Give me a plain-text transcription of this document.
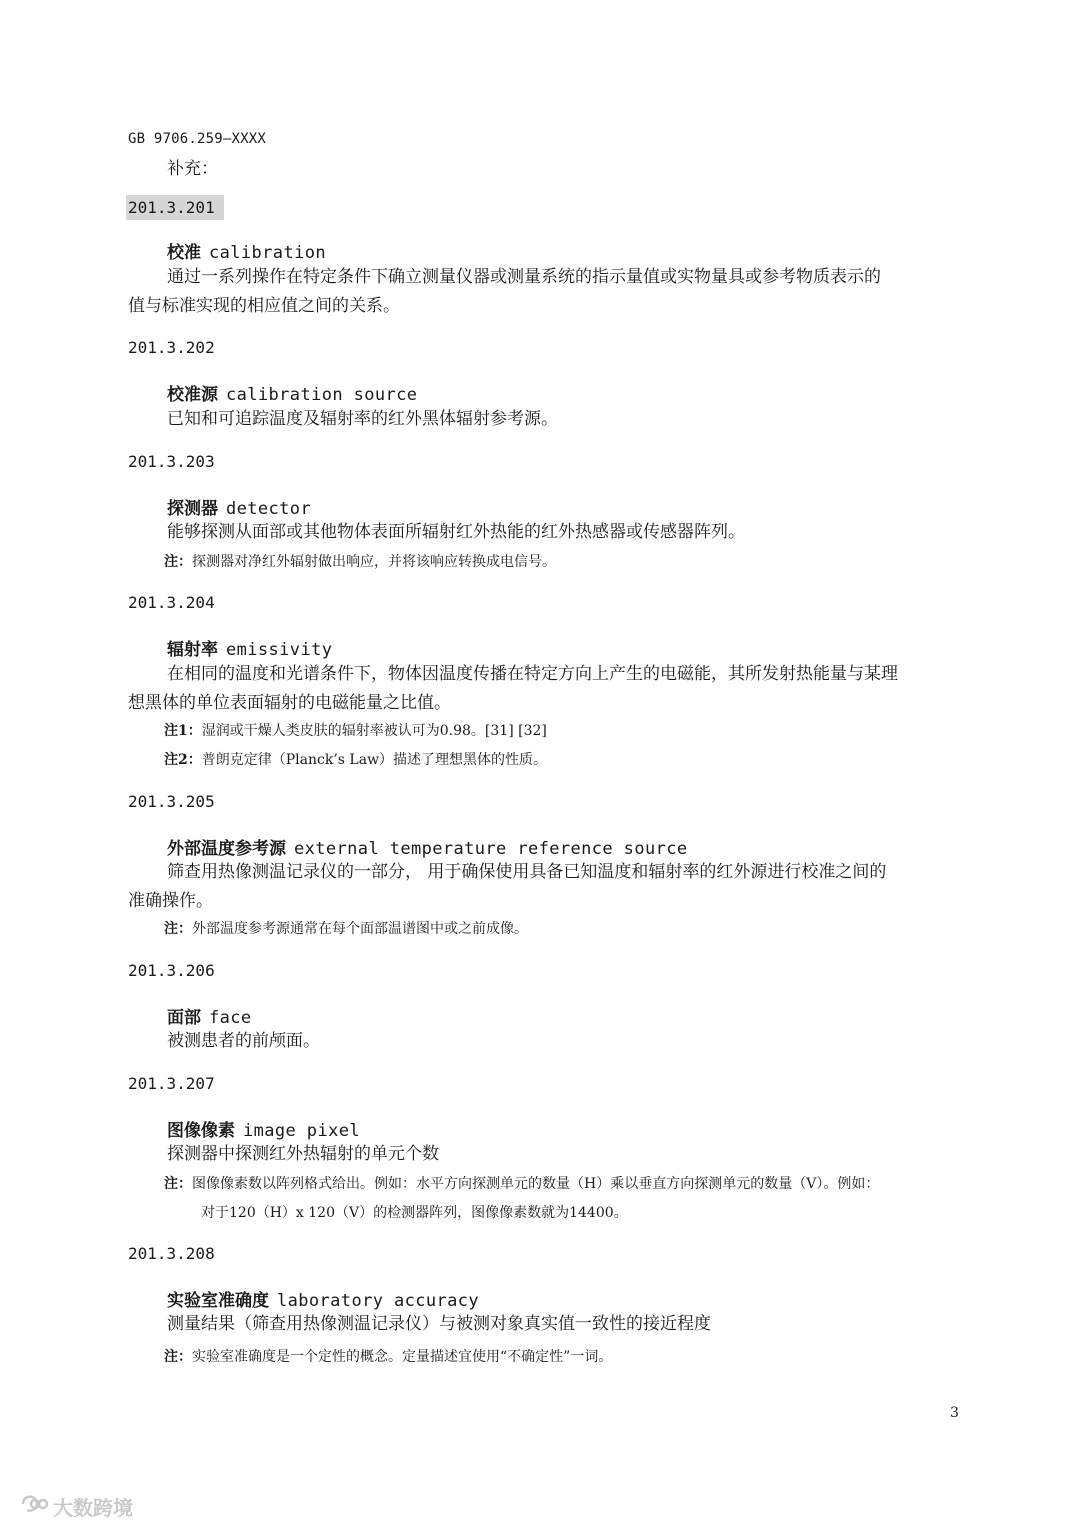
GB 9706.259—XXXX
补充：
201.3.201
校准 calibration
通过一系列操作在特定条件下确立测量仪器或测量系统的指示量值或实物量具或参考物质表示的
值与标准实现的相应值之间的关系。
201.3.202
校准源 calibration source
已知和可追踪温度及辐射率的红外黑体辐射参考源。
201.3.203
探测器 detector
能够探测从面部或其他物体表面所辐射红外热能的红外热感器或传感器阵列。
注：探测器对净红外辐射做出响应，并将该响应转换成电信号。
201.3.204
辐射率 emissivity
在相同的温度和光谱条件下，物体因温度传播在特定方向上产生的电磁能，其所发射热能量与某理
想黑体的单位表面辐射的电磁能量之比值。
注1：湿润或干燥人类皮肤的辐射率被认可为0.98。[31] [32]
注2：普朗克定律（Planck’s Law）描述了理想黑体的性质。
201.3.205
外部温度参考源 external temperature reference source
筛查用热像测温记录仪的一部分， 用于确保使用具备已知温度和辐射率的红外源进行校准之间的
准确操作。
注：外部温度参考源通常在每个面部温谱图中或之前成像。
201.3.206
面部 face
被测患者的前颅面。
201.3.207
图像像素 image pixel
探测器中探测红外热辐射的单元个数
注：图像像素数以阵列格式给出。例如：水平方向探测单元的数量（H）乘以垂直方向探测单元的数量（V）。例如：
对于120（H）x 120（V）的检测器阵列，图像像素数就为14400。
201.3.208
实验室准确度 laboratory accuracy
测量结果（筛查用热像测温记录仪）与被测对象真实值一致性的接近程度
注：实验室准确度是一个定性的概念。定量描述宜使用“不确定性”一词。
3
大数跨境
